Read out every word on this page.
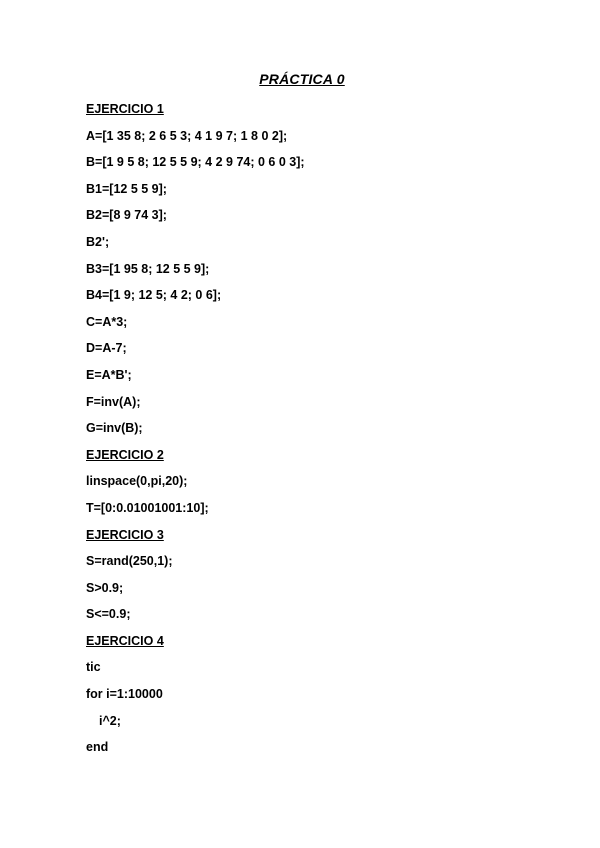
PRÁCTICA 0
EJERCICIO 1
A=[1 35 8; 2 6 5 3; 4 1 9 7; 1 8 0 2];
B=[1 9 5 8; 12 5 5 9; 4 2 9 74; 0 6 0 3];
B1=[12 5 5 9];
B2=[8 9 74 3];
B2';
B3=[1 95 8; 12 5 5 9];
B4=[1 9; 12 5; 4 2; 0 6];
C=A*3;
D=A-7;
E=A*B';
F=inv(A);
G=inv(B);
EJERCICIO 2
linspace(0,pi,20);
T=[0:0.01001001:10];
EJERCICIO 3
S=rand(250,1);
S>0.9;
S<=0.9;
EJERCICIO 4
tic
for i=1:10000
i^2;
end
